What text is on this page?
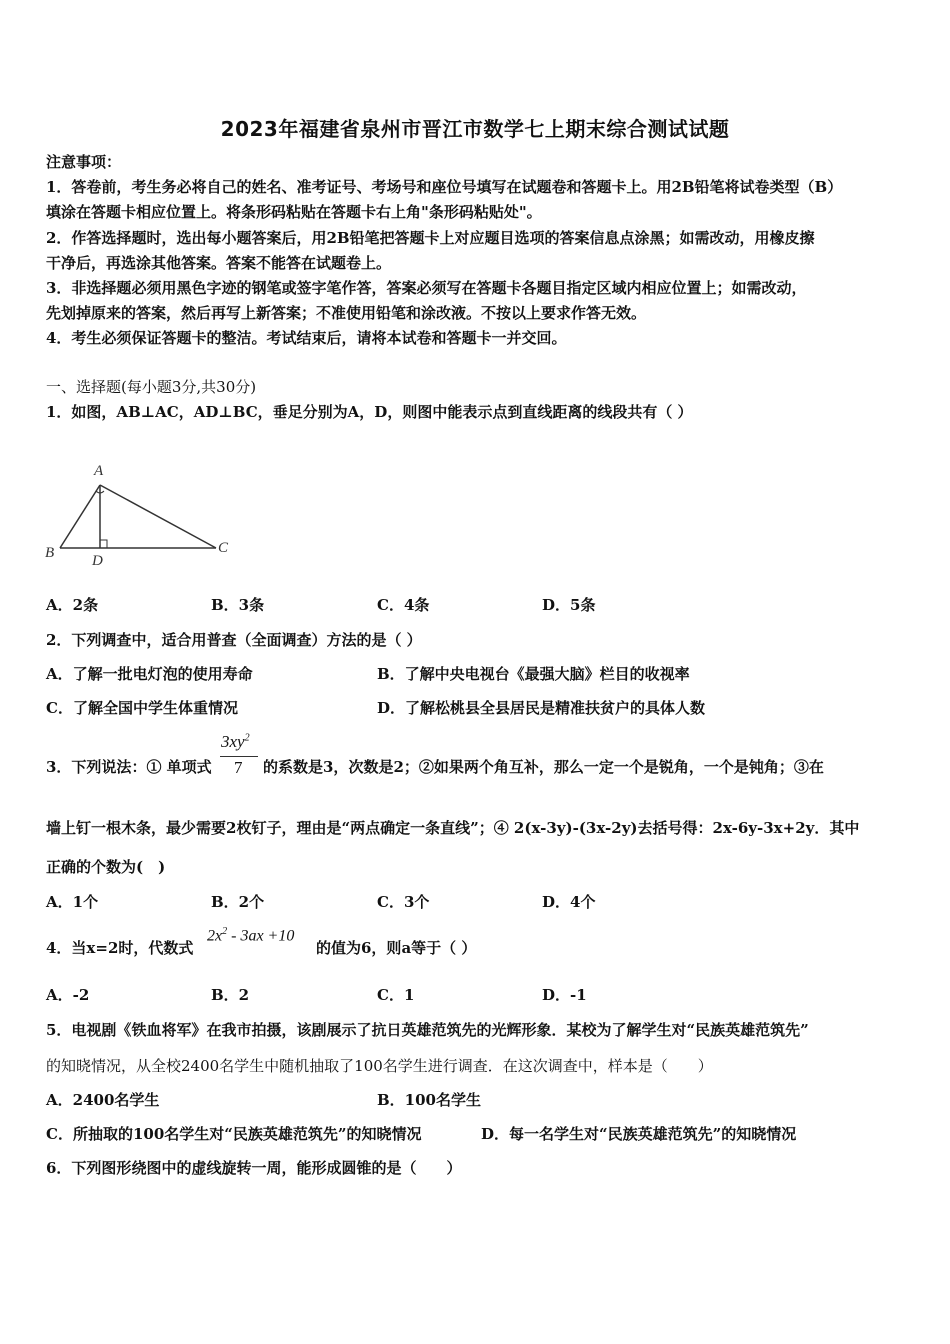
2023年福建省泉州市晋江市数学七上期末综合测试试题
注意事项：
1．答卷前，考生务必将自己的姓名、准考证号、考场号和座位号填写在试题卷和答题卡上。用2B铅笔将试卷类型（B）
填涂在答题卡相应位置上。将条形码粘贴在答题卡右上角"条形码粘贴处"。
2．作答选择题时，选出每小题答案后，用2B铅笔把答题卡上对应题目选项的答案信息点涂黑；如需改动，用橡皮擦
干净后，再选涂其他答案。答案不能答在试题卷上。
3．非选择题必须用黑色字迹的钢笔或签字笔作答，答案必须写在答题卡各题目指定区域内相应位置上；如需改动，
先划掉原来的答案，然后再写上新答案；不准使用铅笔和涂改液。不按以上要求作答无效。
4．考生必须保证答题卡的整洁。考试结束后，请将本试卷和答题卡一并交回。
一、选择题(每小题3分,共30分)
1．如图，AB⊥AC，AD⊥BC，垂足分别为A，D，则图中能表示点到直线距离的线段共有（ ）
A
B	C
D
A．2条	B．3条	C．4条	D．5条
2．下列调查中，适合用普查（全面调查）方法的是（ ）
A．了解一批电灯泡的使用寿命	B．了解中央电视台《最强大脑》栏目的收视率
C．了解全国中学生体重情况	D．了解松桃县全县居民是精准扶贫户的具体人数
3．下列说法：① 单项式
$3xy^2$
7 的系数是3，次数是2；②如果两个角互补，那么一定一个是锐角，一个是钝角；③在
墙上钉一根木条，最少需要2枚钉子，理由是“两点确定一条直线”；④ 2(x-3y)-(3x-2y)去括号得：2x-6y-3x+2y．其中
正确的个数为(　)
A．1个	B．2个	C．3个	D．4个
4．当x=2时，代数式
$2x^2 - 3ax +10$
的值为6，则a等于（ ）
A．-2	B．2	C．1	D．-1
5．电视剧《铁血将军》在我市拍摄，该剧展示了抗日英雄范筑先的光辉形象．某校为了解学生对“民族英雄范筑先”
的知晓情况，从全校2400名学生中随机抽取了100名学生进行调查．在这次调查中，样本是（　　）
A．2400名学生	B．100名学生
C．所抽取的100名学生对“民族英雄范筑先”的知晓情况	D．每一名学生对“民族英雄范筑先”的知晓情况
6．下列图形绕图中的虚线旋转一周，能形成圆锥的是（　　）
